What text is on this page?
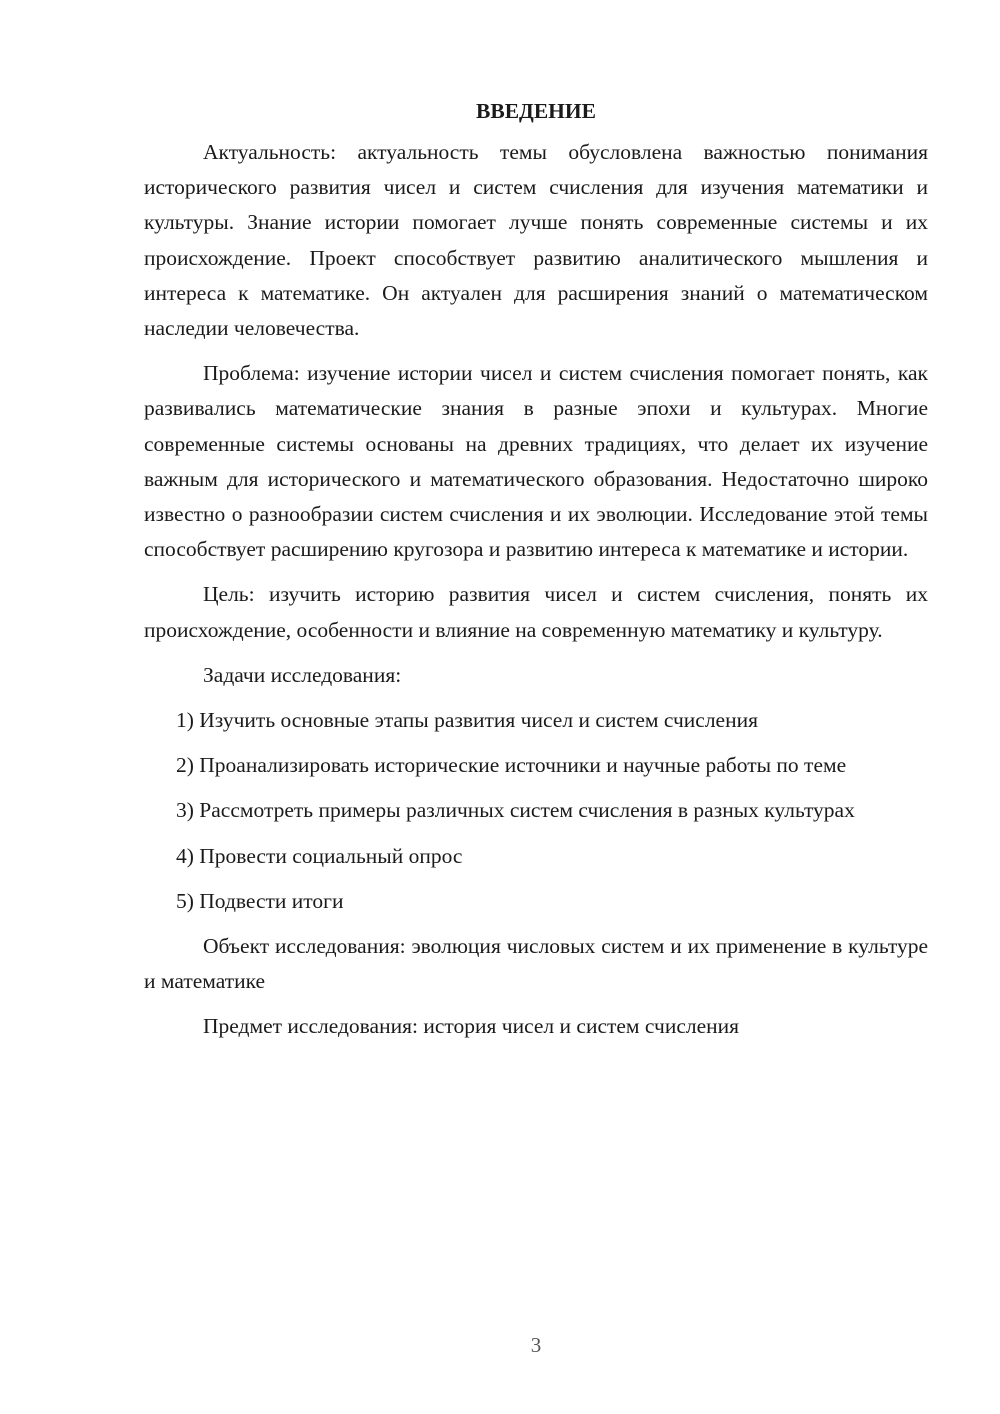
ВВЕДЕНИЕ

Актуальность: актуальность темы обусловлена важностью понимания исторического развития чисел и систем счисления для изучения математики и культуры. Знание истории помогает лучше понять современные системы и их происхождение. Проект способствует развитию аналитического мышления и интереса к математике. Он актуален для расширения знаний о математическом наследии человечества.

Проблема: изучение истории чисел и систем счисления помогает понять, как развивались математические знания в разные эпохи и культурах. Многие современные системы основаны на древних традициях, что делает их изучение важным для исторического и математического образования. Недостаточно широко известно о разнообразии систем счисления и их эволюции. Исследование этой темы способствует расширению кругозора и развитию интереса к математике и истории.

Цель: изучить историю развития чисел и систем счисления, понять их происхождение, особенности и влияние на современную математику и культуру.

Задачи исследования:

1) Изучить основные этапы развития чисел и систем счисления

2) Проанализировать исторические источники и научные работы по теме

3) Рассмотреть примеры различных систем счисления в разных культурах

4) Провести социальный опрос

5) Подвести итоги

Объект исследования: эволюция числовых систем и их применение в культуре и математике

Предмет исследования: история чисел и систем счисления

3
